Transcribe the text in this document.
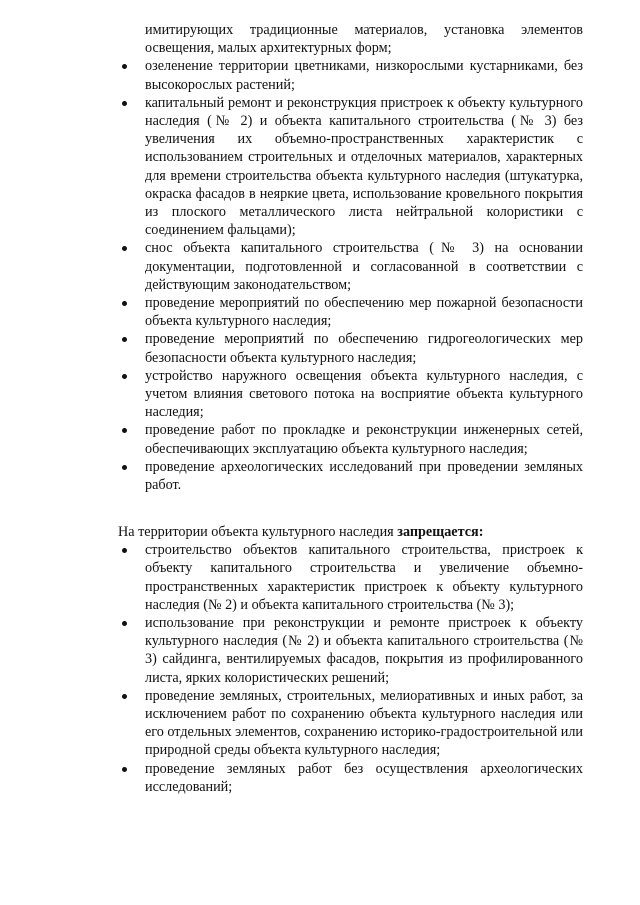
имитирующих традиционные материалов, установка элементов освещения, малых архитектурных форм;

озеленение территории цветниками, низкорослыми кустарниками, без высокорослых растений;
капитальный ремонт и реконструкция пристроек к объекту культурного наследия (№ 2) и объекта капитального строительства (№ 3) без увеличения их объемно-пространственных характеристик с использованием строительных и отделочных материалов, характерных для времени строительства объекта культурного наследия (штукатурка, окраска фасадов в неяркие цвета, использование кровельного покрытия из плоского металлического листа нейтральной колористики с соединением фальцами);
снос объекта капитального строительства (№ 3) на основании документации, подготовленной и согласованной в соответствии с действующим законодательством;
проведение мероприятий по обеспечению мер пожарной безопасности объекта культурного наследия;
проведение мероприятий по обеспечению гидрогеологических мер безопасности объекта культурного наследия;
устройство наружного освещения объекта культурного наследия, с учетом влияния светового потока на восприятие объекта культурного наследия;
проведение работ по прокладке и реконструкции инженерных сетей, обеспечивающих эксплуатацию объекта культурного наследия;
проведение археологических исследований при проведении земляных работ.

На территории объекта культурного наследия запрещается:

строительство объектов капитального строительства, пристроек к объекту капитального строительства и увеличение объемно-пространственных характеристик пристроек к объекту культурного наследия (№ 2) и объекта капитального строительства (№ 3);
использование при реконструкции и ремонте пристроек к объекту культурного наследия (№ 2) и объекта капитального строительства (№ 3) сайдинга, вентилируемых фасадов, покрытия из профилированного листа, ярких колористических решений;
проведение земляных, строительных, мелиоративных и иных работ, за исключением работ по сохранению объекта культурного наследия или его отдельных элементов, сохранению историко-градостроительной или природной среды объекта культурного наследия;
проведение земляных работ без осуществления археологических исследований;
